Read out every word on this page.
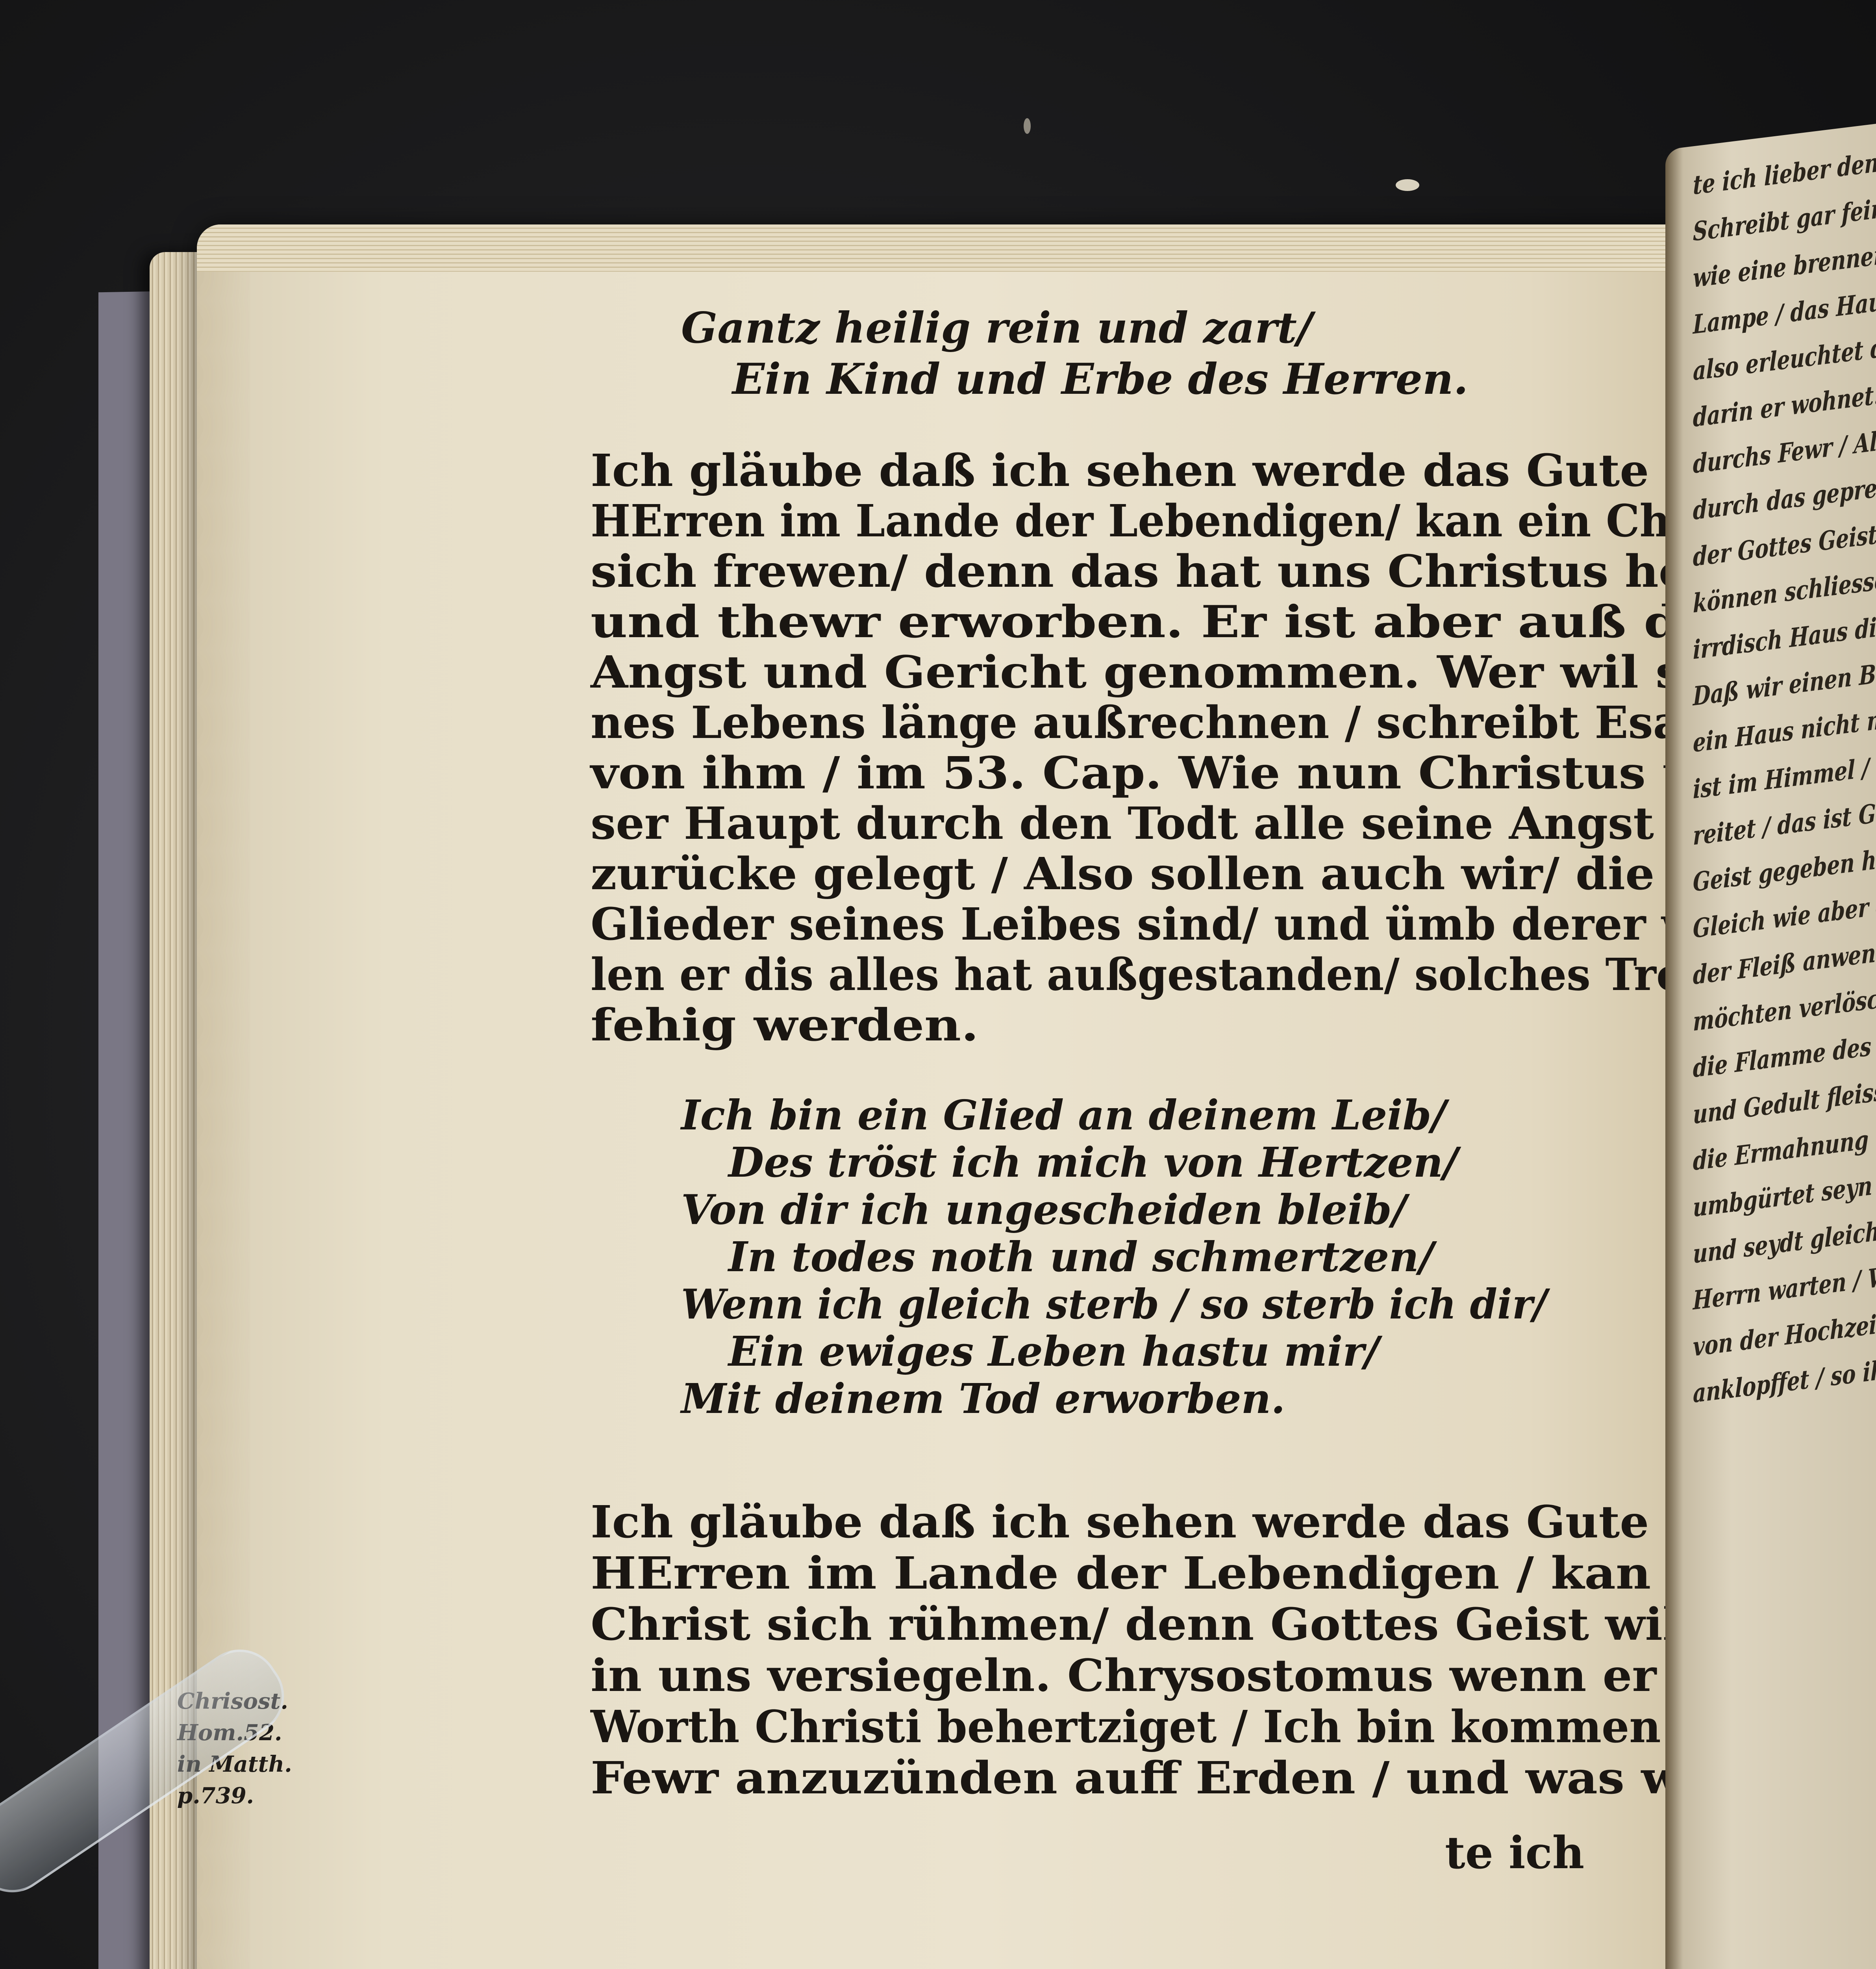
Gantz heilig rein und zart/
Ein Kind und Erbe des Herren.
Ich gläube daß ich sehen werde das Gute des
HErren im Lande der Lebendigen/ kan ein Christ
sich frewen/ denn das hat uns Christus hoch
und thewr erworben. Er ist aber auß der
Angst und Gericht genommen. Wer wil sei-
nes Lebens länge außrechnen / schreibt Esaias
von ihm / im 53. Cap. Wie nun Christus un-
ser Haupt durch den Todt alle seine Angst hat
zurücke gelegt / Also sollen auch wir/ die wir
Glieder seines Leibes sind/ und ümb derer wil-
len er dis alles hat außgestanden/ solches Trosts
fehig werden.
Ich bin ein Glied an deinem Leib/
Des tröst ich mich von Hertzen/
Von dir ich ungescheiden bleib/
In todes noth und schmertzen/
Wenn ich gleich sterb / so sterb ich dir/
Ein ewiges Leben hastu mir/
Mit deinem Tod erworben.
Ich gläube daß ich sehen werde das Gute des
HErren im Lande der Lebendigen / kan ein
Christ sich rühmen/ denn Gottes Geist wil es
in uns versiegeln. Chrysostomus wenn er die
Worth Christi behertziget / Ich bin kommen ein
Fewr anzuzünden auff Erden / und was wol-
te ich
in Matth.
p.739.
te ich lieber denn
Schreibt gar fein
wie eine brennende
Lampe / das Hau
also erleuchtet der
darin er wohnet.
durchs Fewr / Also
durch das gepredigte
der Gottes Geist
können schliessen:
irrdisch Haus dieser
Daß wir einen Baw
ein Haus nicht mit
ist im Himmel /
reitet / das ist GOtt
Geist gegeben hat.
Gleich wie aber d
der Fleiß anwendeten
möchten verlöschen:
die Flamme des
und Gedult fleissig
die Ermahnung
umbgürtet seyn
und seydt gleich
Herrn warten / Wenn
von der Hochzeit
anklopffet / so ihm
